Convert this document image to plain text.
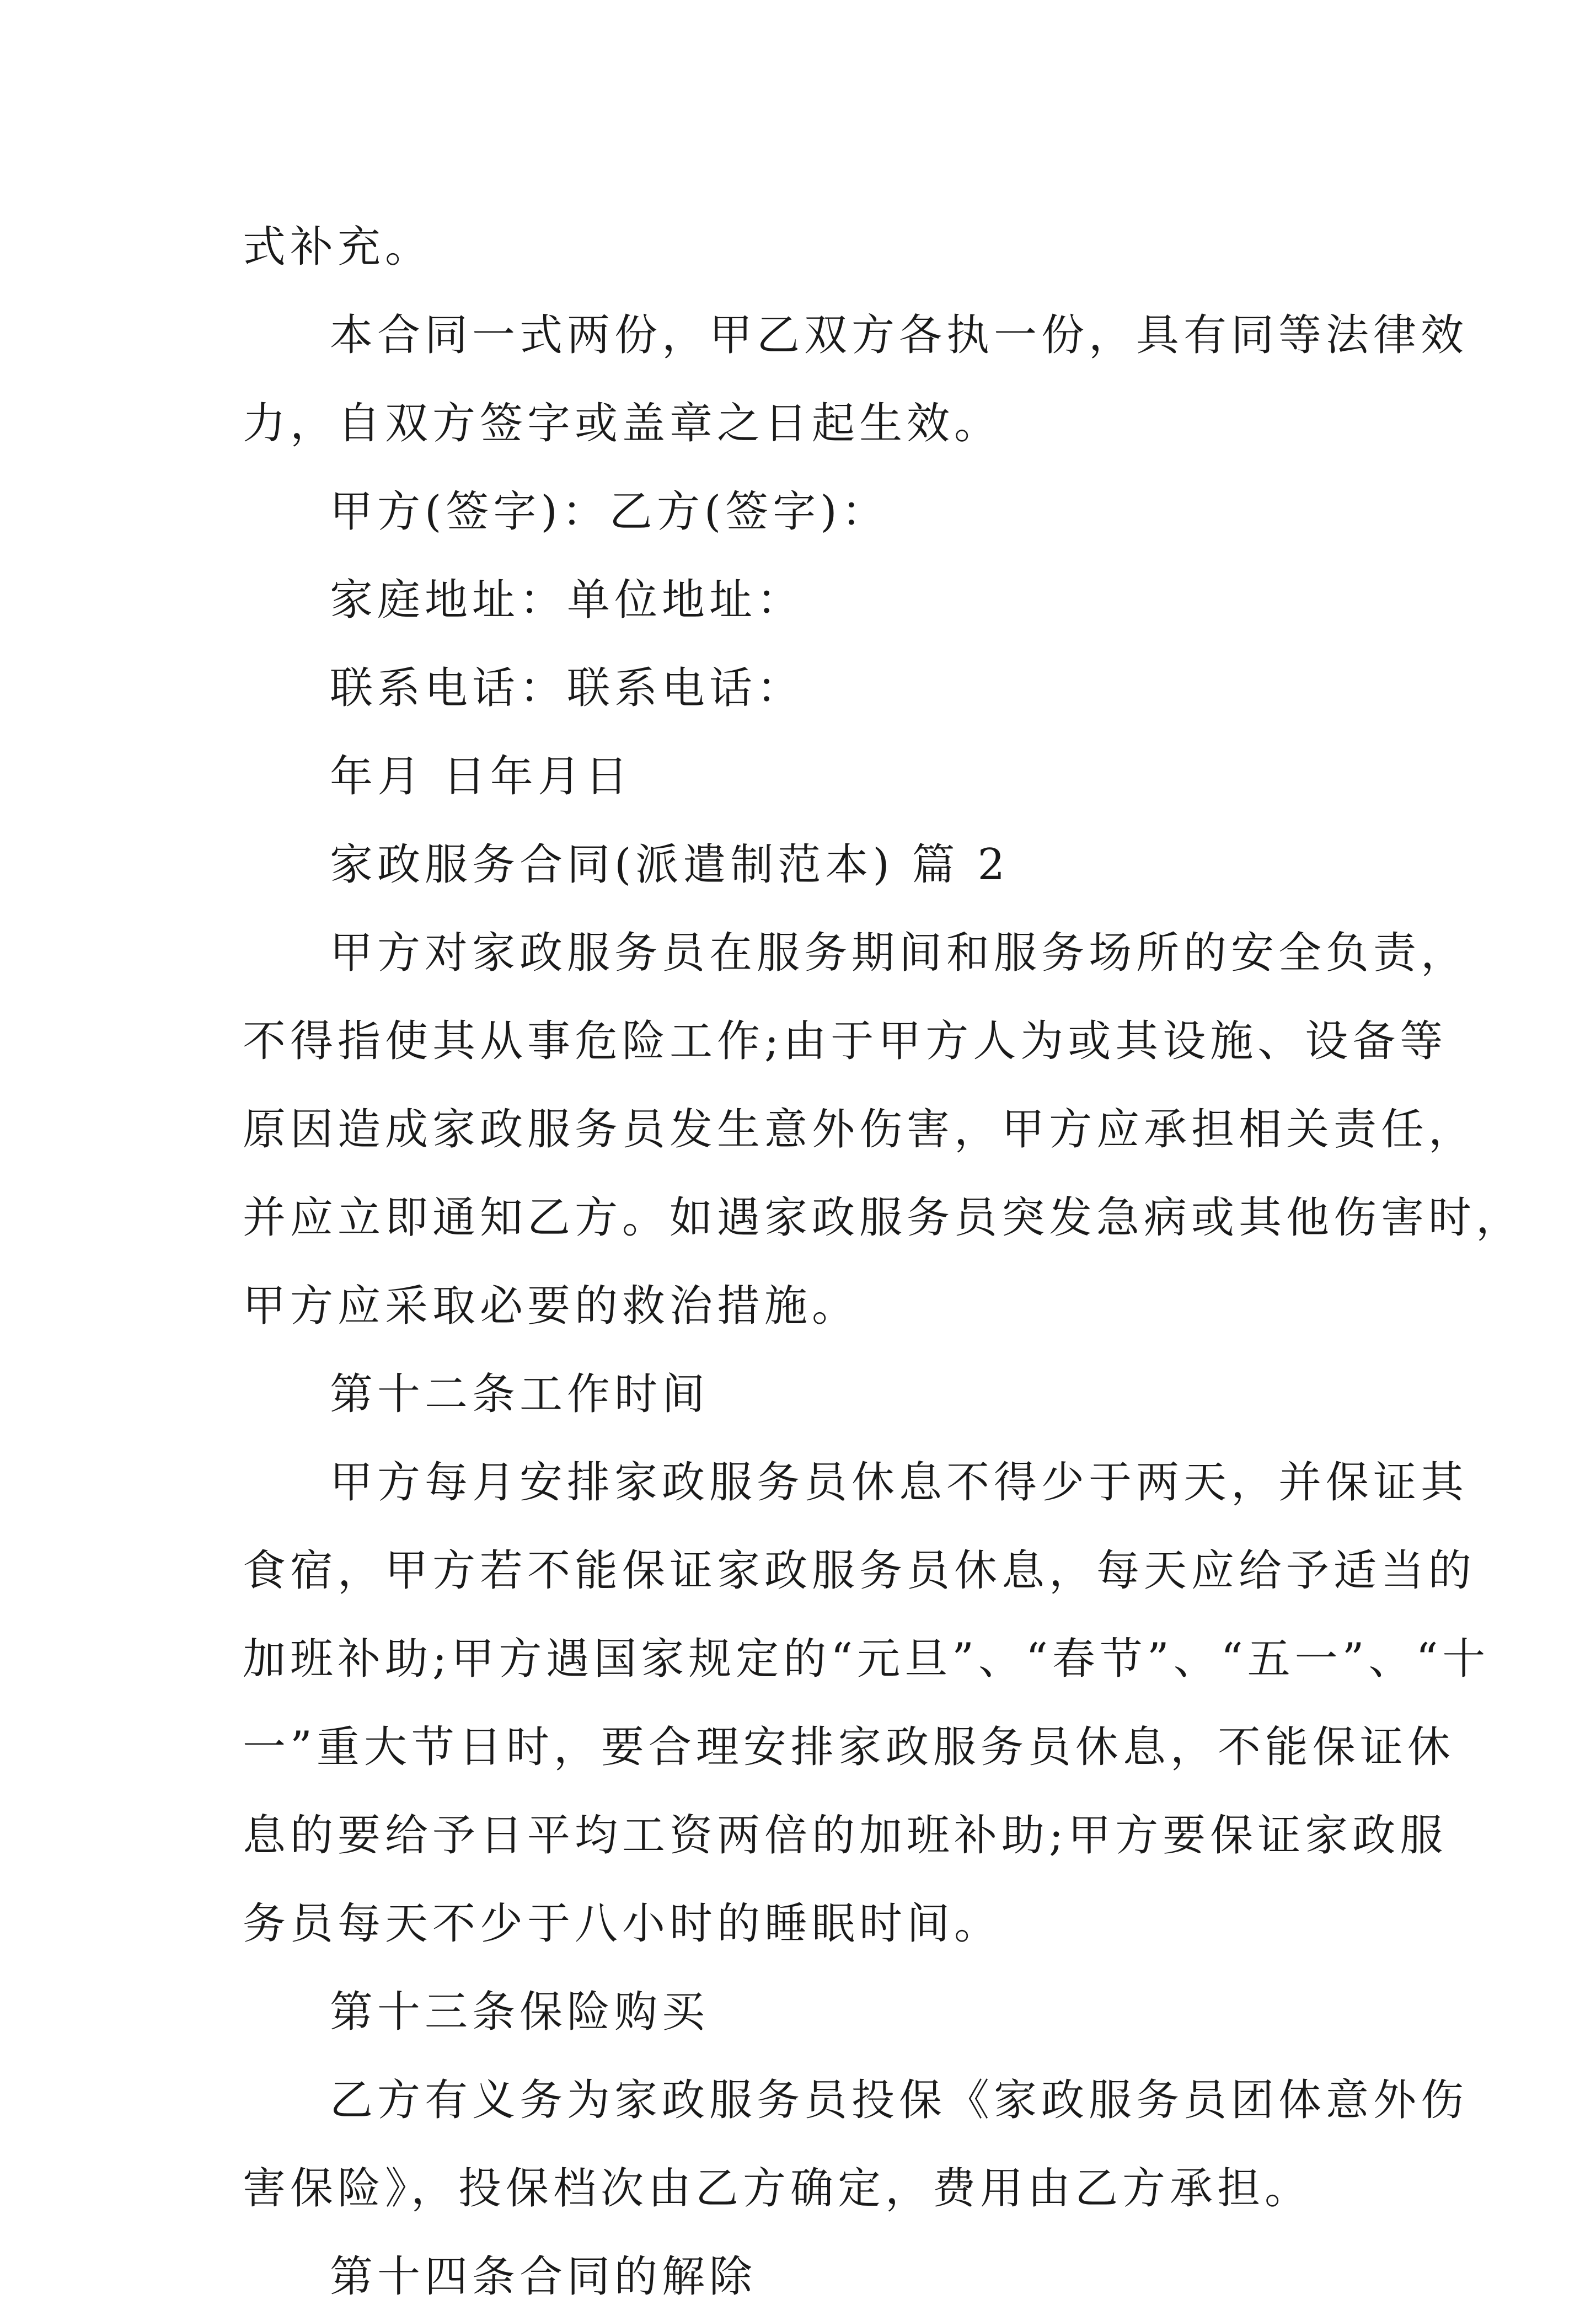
式补充。
本合同一式两份，甲乙双方各执一份，具有同等法律效
力，自双方签字或盖章之日起生效。
甲方(签字)：乙方(签字)：
家庭地址：单位地址：
联系电话：联系电话：
年月 日年月日
家政服务合同(派遣制范本) 篇 2
甲方对家政服务员在服务期间和服务场所的安全负责，
不得指使其从事危险工作;由于甲方人为或其设施、设备等
原因造成家政服务员发生意外伤害，甲方应承担相关责任，
并应立即通知乙方。如遇家政服务员突发急病或其他伤害时，
甲方应采取必要的救治措施。
第十二条工作时间
甲方每月安排家政服务员休息不得少于两天，并保证其
食宿，甲方若不能保证家政服务员休息，每天应给予适当的
加班补助;甲方遇国家规定的“元旦”、“春节”、“五一”、“十
一”重大节日时，要合理安排家政服务员休息，不能保证休
息的要给予日平均工资两倍的加班补助;甲方要保证家政服
务员每天不少于八小时的睡眠时间。
第十三条保险购买
乙方有义务为家政服务员投保《家政服务员团体意外伤
害保险》，投保档次由乙方确定，费用由乙方承担。
第十四条合同的解除
